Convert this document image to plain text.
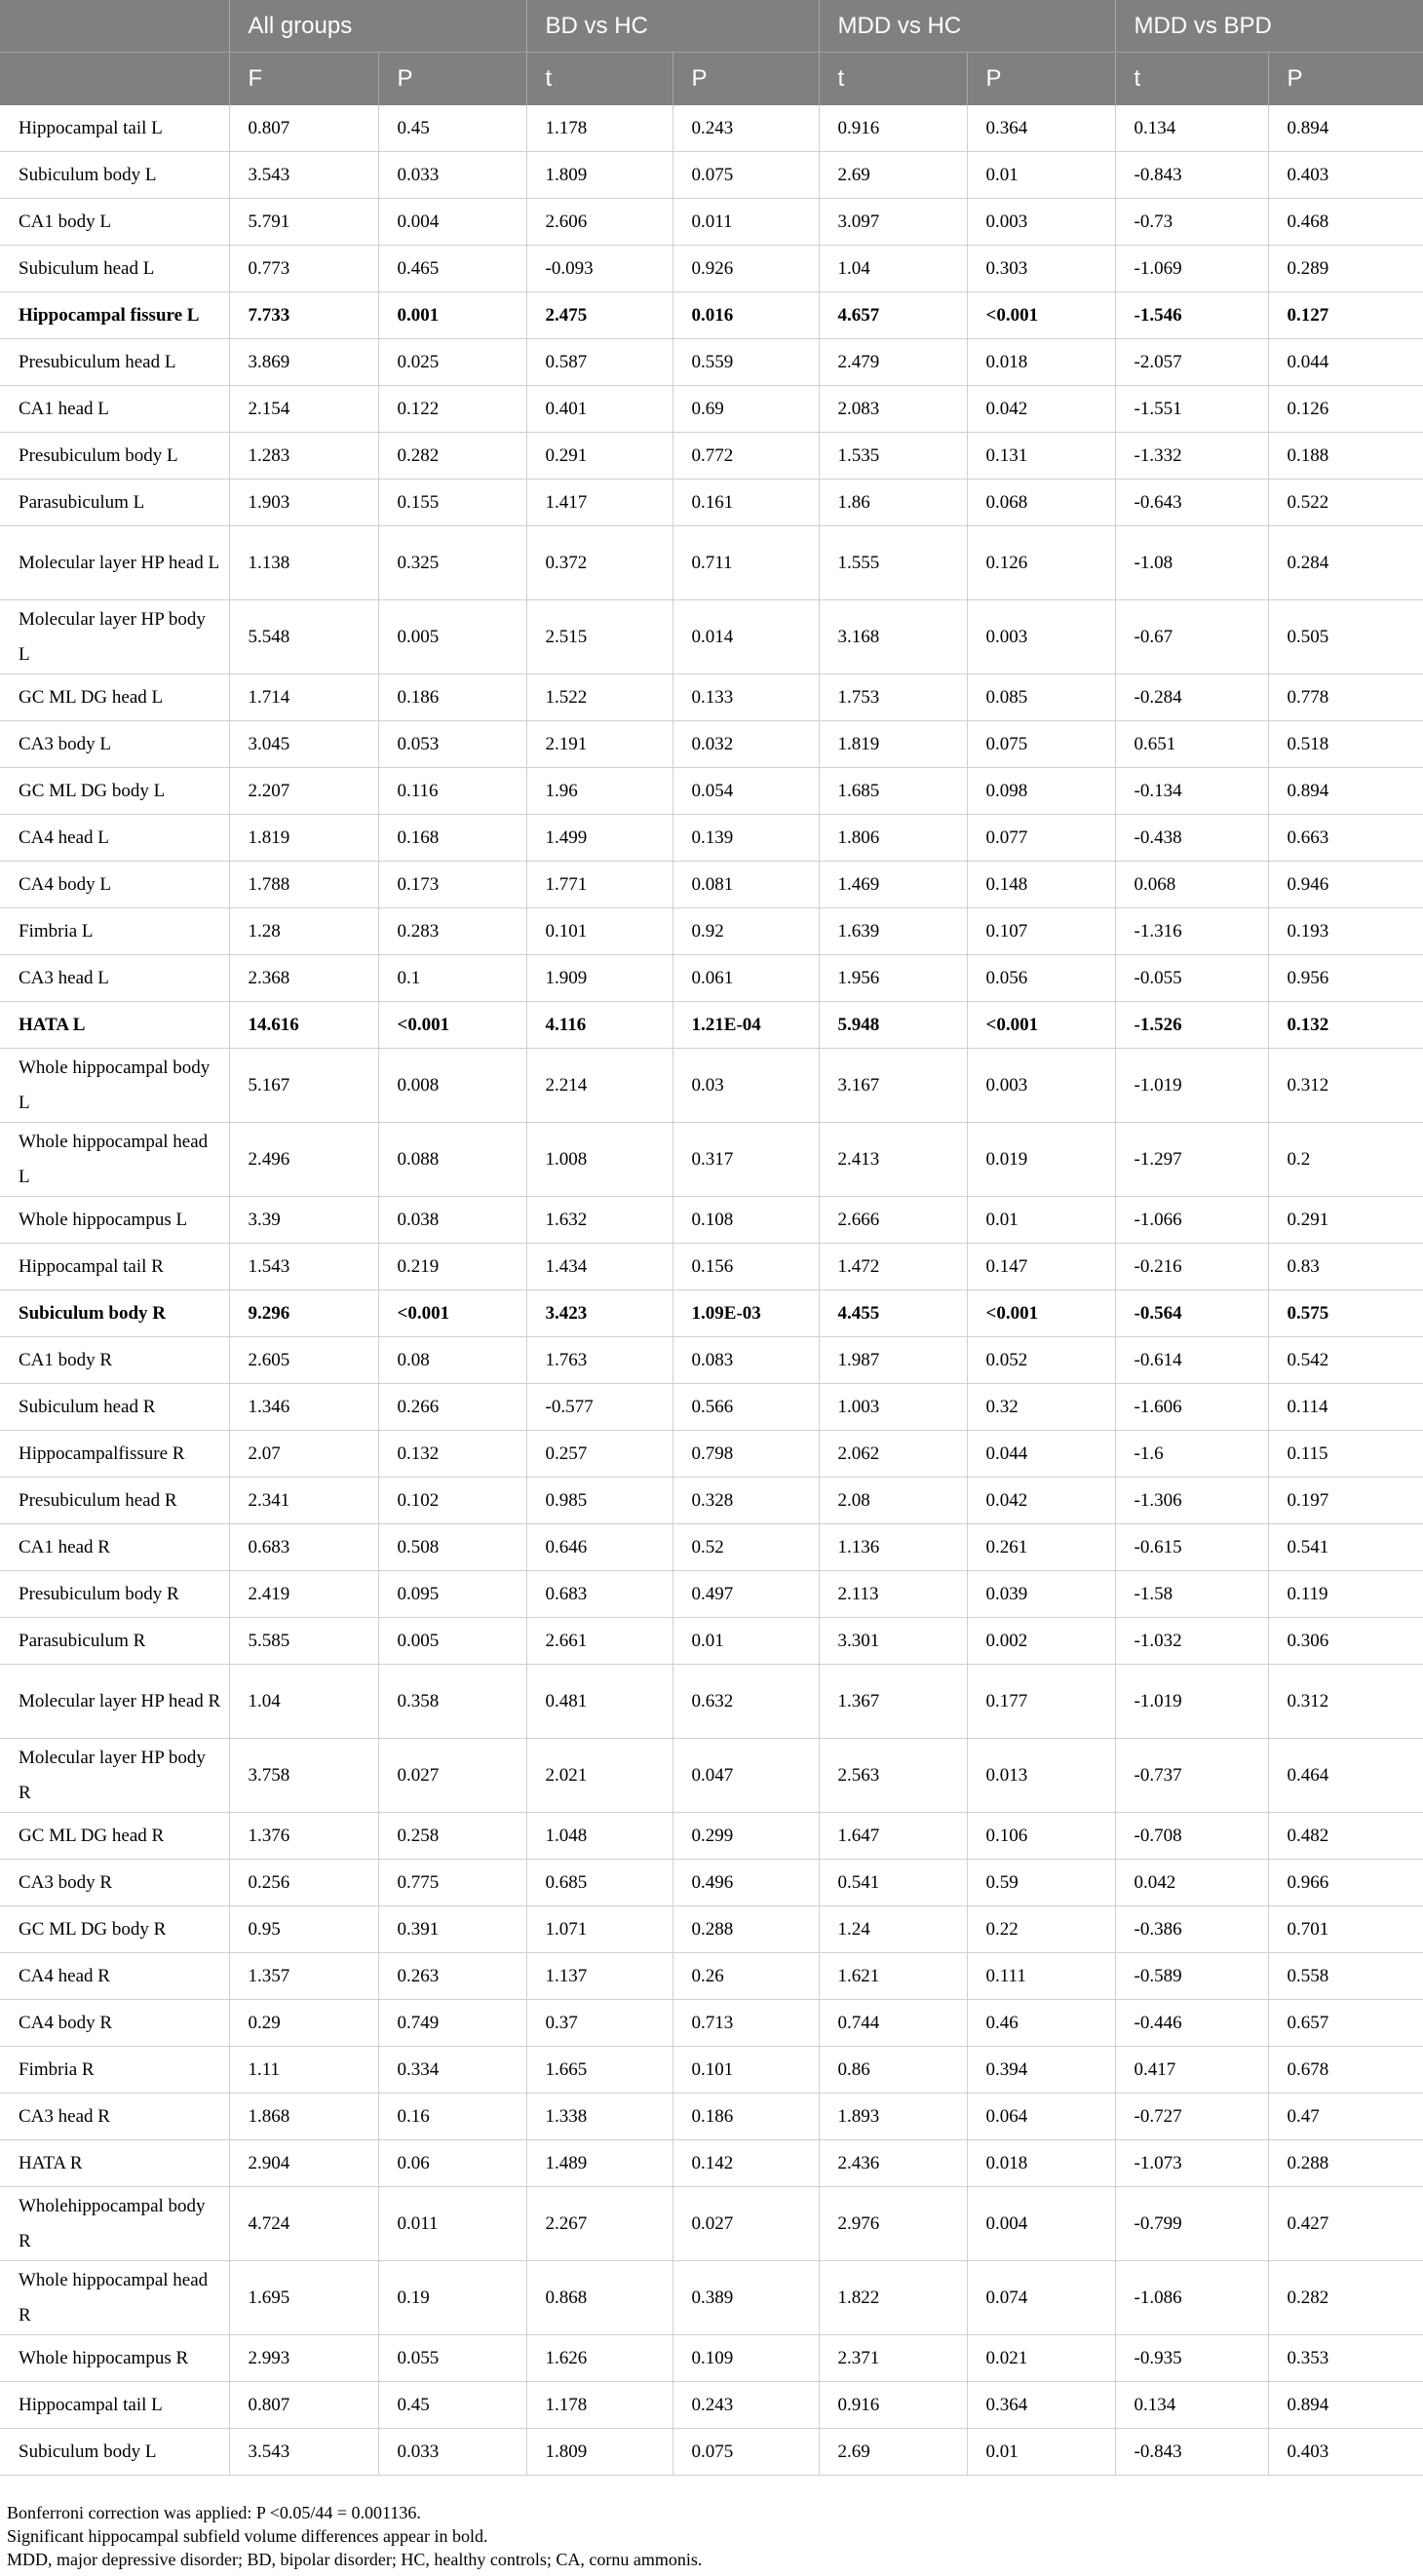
	All groups		BD vs HC		MDD vs HC		MDD vs BPD	
	F	P	t	P	t	P	t	P
Hippocampal tail L	0.807	0.45	1.178	0.243	0.916	0.364	0.134	0.894
Subiculum body L	3.543	0.033	1.809	0.075	2.69	0.01	-0.843	0.403
CA1 body L	5.791	0.004	2.606	0.011	3.097	0.003	-0.73	0.468
Subiculum head L	0.773	0.465	-0.093	0.926	1.04	0.303	-1.069	0.289
Hippocampal fissure L	7.733	0.001	2.475	0.016	4.657	<0.001	-1.546	0.127
Presubiculum head L	3.869	0.025	0.587	0.559	2.479	0.018	-2.057	0.044
CA1 head L	2.154	0.122	0.401	0.69	2.083	0.042	-1.551	0.126
Presubiculum body L	1.283	0.282	0.291	0.772	1.535	0.131	-1.332	0.188
Parasubiculum L	1.903	0.155	1.417	0.161	1.86	0.068	-0.643	0.522
Molecular layer HP head L	1.138	0.325	0.372	0.711	1.555	0.126	-1.08	0.284
Molecular layer HP body L	5.548	0.005	2.515	0.014	3.168	0.003	-0.67	0.505
GC ML DG head L	1.714	0.186	1.522	0.133	1.753	0.085	-0.284	0.778
CA3 body L	3.045	0.053	2.191	0.032	1.819	0.075	0.651	0.518
GC ML DG body L	2.207	0.116	1.96	0.054	1.685	0.098	-0.134	0.894
CA4 head L	1.819	0.168	1.499	0.139	1.806	0.077	-0.438	0.663
CA4 body L	1.788	0.173	1.771	0.081	1.469	0.148	0.068	0.946
Fimbria L	1.28	0.283	0.101	0.92	1.639	0.107	-1.316	0.193
CA3 head L	2.368	0.1	1.909	0.061	1.956	0.056	-0.055	0.956
HATA L	14.616	<0.001	4.116	1.21E-04	5.948	<0.001	-1.526	0.132
Whole hippocampal body L	5.167	0.008	2.214	0.03	3.167	0.003	-1.019	0.312
Whole hippocampal head L	2.496	0.088	1.008	0.317	2.413	0.019	-1.297	0.2
Whole hippocampus L	3.39	0.038	1.632	0.108	2.666	0.01	-1.066	0.291
Hippocampal tail R	1.543	0.219	1.434	0.156	1.472	0.147	-0.216	0.83
Subiculum body R	9.296	<0.001	3.423	1.09E-03	4.455	<0.001	-0.564	0.575
CA1 body R	2.605	0.08	1.763	0.083	1.987	0.052	-0.614	0.542
Subiculum head R	1.346	0.266	-0.577	0.566	1.003	0.32	-1.606	0.114
Hippocampalfissure R	2.07	0.132	0.257	0.798	2.062	0.044	-1.6	0.115
Presubiculum head R	2.341	0.102	0.985	0.328	2.08	0.042	-1.306	0.197
CA1 head R	0.683	0.508	0.646	0.52	1.136	0.261	-0.615	0.541
Presubiculum body R	2.419	0.095	0.683	0.497	2.113	0.039	-1.58	0.119
Parasubiculum R	5.585	0.005	2.661	0.01	3.301	0.002	-1.032	0.306
Molecular layer HP head R	1.04	0.358	0.481	0.632	1.367	0.177	-1.019	0.312
Molecular layer HP body R	3.758	0.027	2.021	0.047	2.563	0.013	-0.737	0.464
GC ML DG head R	1.376	0.258	1.048	0.299	1.647	0.106	-0.708	0.482
CA3 body R	0.256	0.775	0.685	0.496	0.541	0.59	0.042	0.966
GC ML DG body R	0.95	0.391	1.071	0.288	1.24	0.22	-0.386	0.701
CA4 head R	1.357	0.263	1.137	0.26	1.621	0.111	-0.589	0.558
CA4 body R	0.29	0.749	0.37	0.713	0.744	0.46	-0.446	0.657
Fimbria R	1.11	0.334	1.665	0.101	0.86	0.394	0.417	0.678
CA3 head R	1.868	0.16	1.338	0.186	1.893	0.064	-0.727	0.47
HATA R	2.904	0.06	1.489	0.142	2.436	0.018	-1.073	0.288
Wholehippocampal body R	4.724	0.011	2.267	0.027	2.976	0.004	-0.799	0.427
Whole hippocampal head R	1.695	0.19	0.868	0.389	1.822	0.074	-1.086	0.282
Whole hippocampus R	2.993	0.055	1.626	0.109	2.371	0.021	-0.935	0.353
Hippocampal tail L	0.807	0.45	1.178	0.243	0.916	0.364	0.134	0.894
Subiculum body L	3.543	0.033	1.809	0.075	2.69	0.01	-0.843	0.403
Bonferroni correction was applied: P <0.05/44 = 0.001136.
Significant hippocampal subfield volume differences appear in bold.
MDD, major depressive disorder; BD, bipolar disorder; HC, healthy controls; CA, cornu ammonis.
